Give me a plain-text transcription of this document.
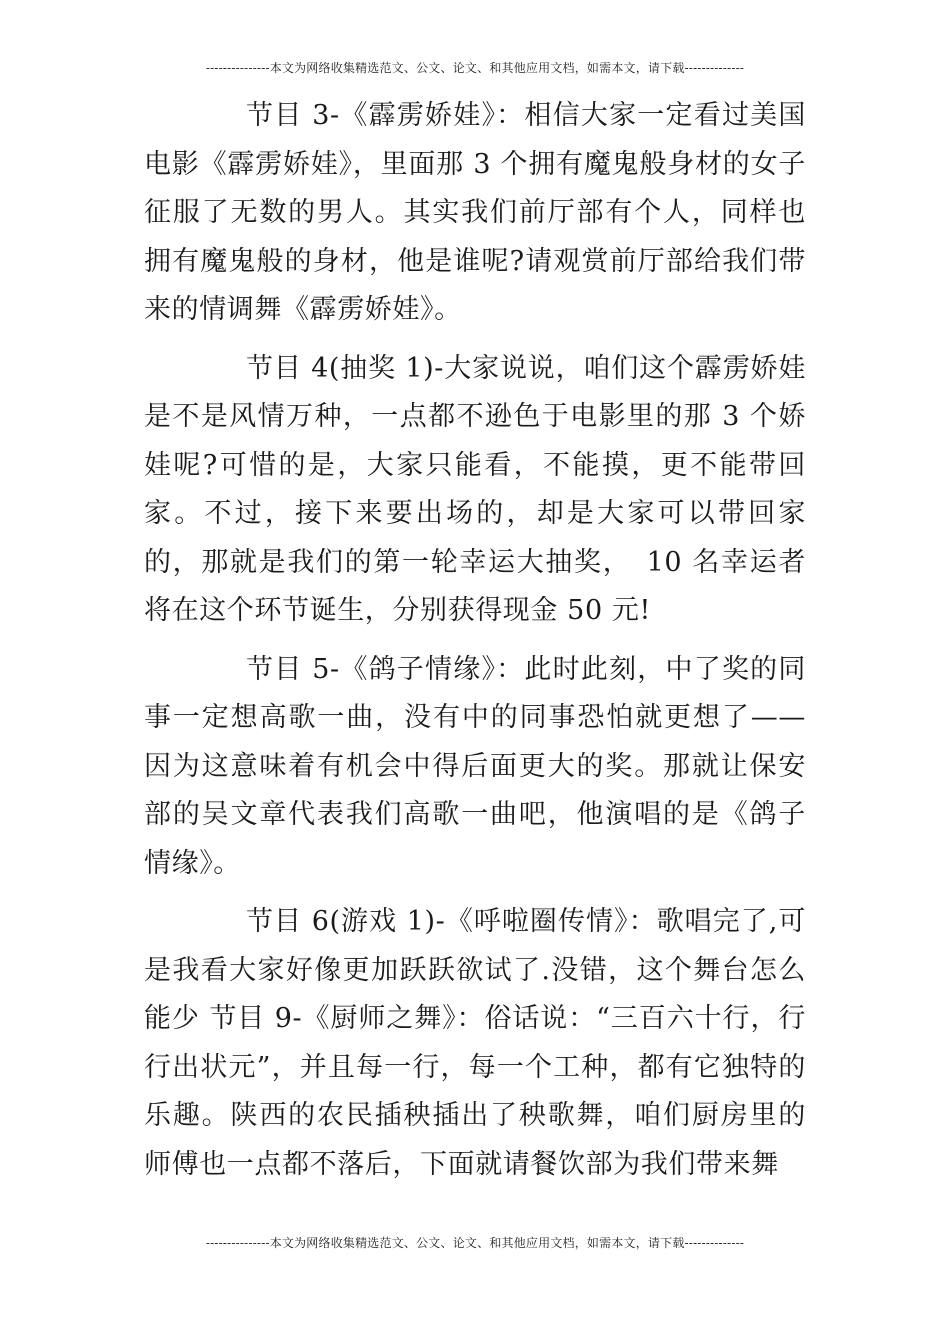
---------------本文为网络收集精选范文、公文、论文、和其他应用文档，如需本文，请下载--------------

节目 3-《霹雳娇娃》：相信大家一定看过美国电影《霹雳娇娃》，里面那 3 个拥有魔鬼般身材的女子征服了无数的男人。其实我们前厅部有个人，同样也拥有魔鬼般的身材，他是谁呢?请观赏前厅部给我们带来的情调舞《霹雳娇娃》。

节目 4(抽奖 1)-大家说说，咱们这个霹雳娇娃是不是风情万种，一点都不逊色于电影里的那 3 个娇娃呢?可惜的是，大家只能看，不能摸，更不能带回家。不过，接下来要出场的，却是大家可以带回家的，那就是我们的第一轮幸运大抽奖，　10 名幸运者将在这个环节诞生，分别获得现金 50 元!

节目 5-《鸽子情缘》：此时此刻，中了奖的同事一定想高歌一曲，没有中的同事恐怕就更想了——因为这意味着有机会中得后面更大的奖。那就让保安部的吴文章代表我们高歌一曲吧，他演唱的是《鸽子情缘》。

节目 6(游戏 1)-《呼啦圈传情》：歌唱完了,可是我看大家好像更加跃跃欲试了.没错，这个舞台怎么能少 节目 9-《厨师之舞》：俗话说：“三百六十行，行行出状元”，并且每一行，每一个工种，都有它独特的乐趣。陕西的农民插秧插出了秧歌舞，咱们厨房里的师傅也一点都不落后，下面就请餐饮部为我们带来舞

---------------本文为网络收集精选范文、公文、论文、和其他应用文档，如需本文，请下载--------------
